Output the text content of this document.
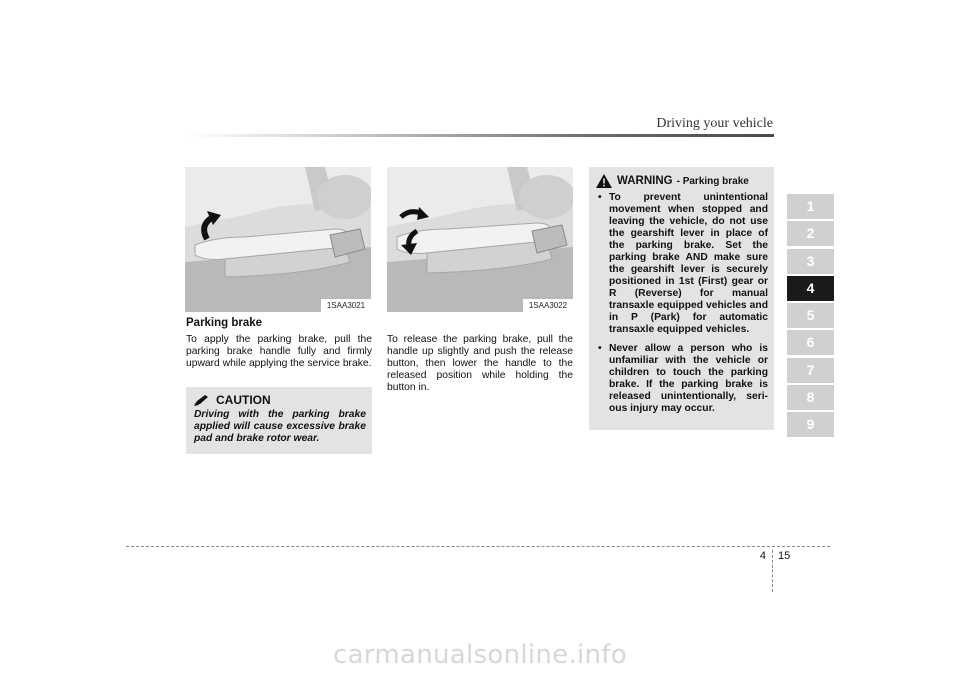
Driving your vehicle
1SAA3021	1SAA3022
Parking brake
To apply the parking brake, pull the parking brake handle fully and firmly upward while applying the service brake.
To release the parking brake, pull the handle up slightly and push the release button, then lower the handle to the released position while holding the button in.
CAUTION
Driving with the parking brake applied will cause excessive brake pad and brake rotor wear.
WARNING - Parking brake
• To prevent unintentional movement when stopped and leaving the vehicle, do not use the gearshift lever in place of the parking brake. Set the parking brake AND make sure the gearshift lever is securely positioned in 1st (First) gear or R (Reverse) for manual transaxle equipped vehicles and in P (Park) for automatic transaxle equipped vehicles.
• Never allow a person who is unfamiliar with the vehicle or children to touch the parking brake. If the parking brake is released unintentionally, seri-ous injury may occur.
1
2
3
4
5
6
7
8
9
4 15
carmanualsonline.info
